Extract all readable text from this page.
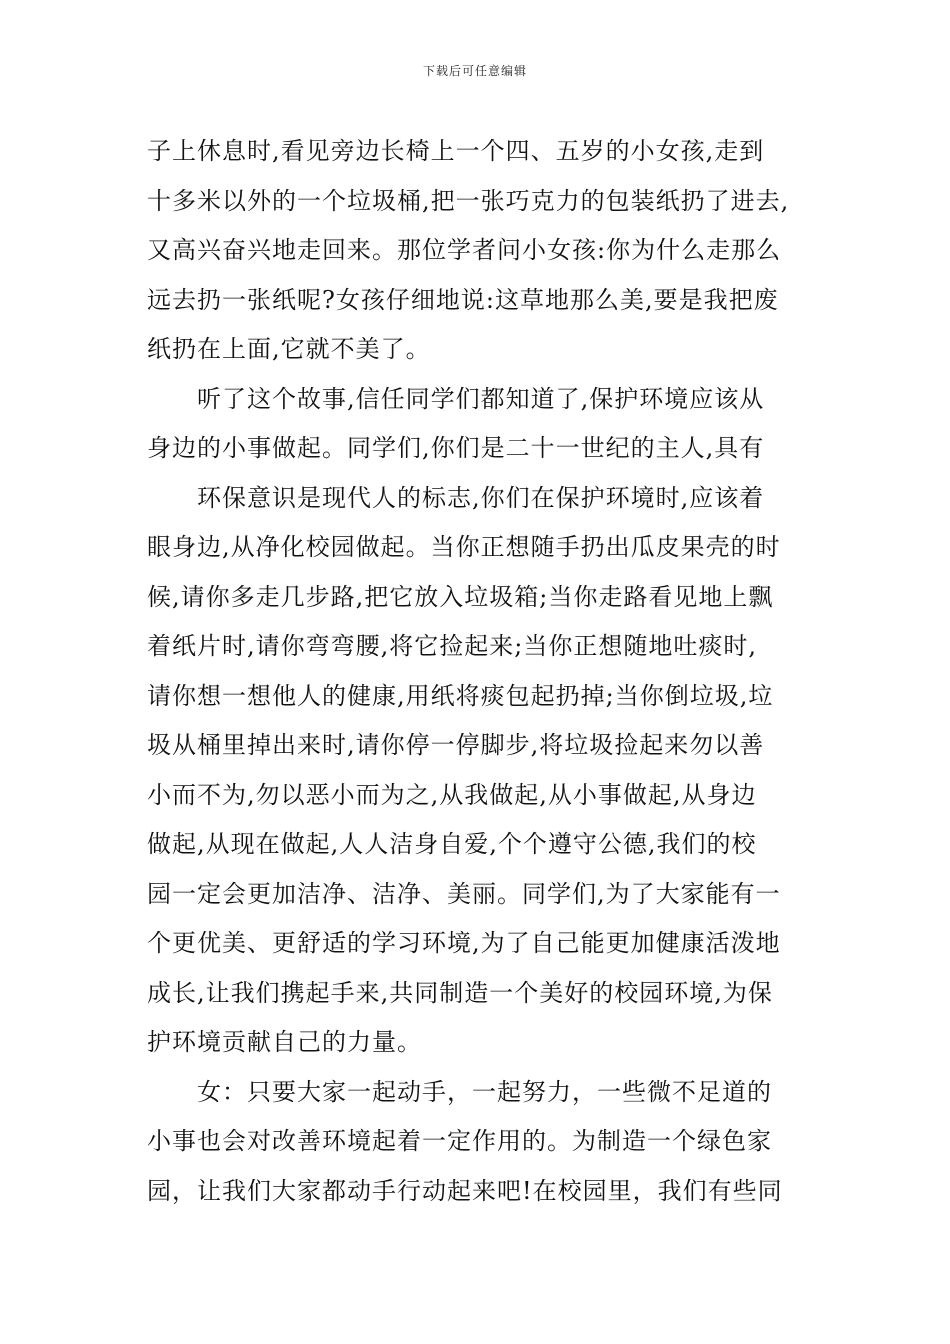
下载后可任意编辑
子上休息时,看见旁边长椅上一个四、五岁的小女孩,走到
十多米以外的一个垃圾桶,把一张巧克力的包装纸扔了进去,
又高兴奋兴地走回来。那位学者问小女孩:你为什么走那么
远去扔一张纸呢?女孩仔细地说:这草地那么美,要是我把废
纸扔在上面,它就不美了。
听了这个故事,信任同学们都知道了,保护环境应该从
身边的小事做起。同学们,你们是二十一世纪的主人,具有
环保意识是现代人的标志,你们在保护环境时,应该着
眼身边,从净化校园做起。当你正想随手扔出瓜皮果壳的时
候,请你多走几步路,把它放入垃圾箱;当你走路看见地上飘
着纸片时,请你弯弯腰,将它捡起来;当你正想随地吐痰时,
请你想一想他人的健康,用纸将痰包起扔掉;当你倒垃圾,垃
圾从桶里掉出来时,请你停一停脚步,将垃圾捡起来勿以善
小而不为,勿以恶小而为之,从我做起,从小事做起,从身边
做起,从现在做起,人人洁身自爱,个个遵守公德,我们的校
园一定会更加洁净、洁净、美丽。同学们,为了大家能有一
个更优美、更舒适的学习环境,为了自己能更加健康活泼地
成长,让我们携起手来,共同制造一个美好的校园环境,为保
护环境贡献自己的力量。
女：只要大家一起动手，一起努力，一些微不足道的
小事也会对改善环境起着一定作用的。为制造一个绿色家
园，让我们大家都动手行动起来吧!在校园里，我们有些同
